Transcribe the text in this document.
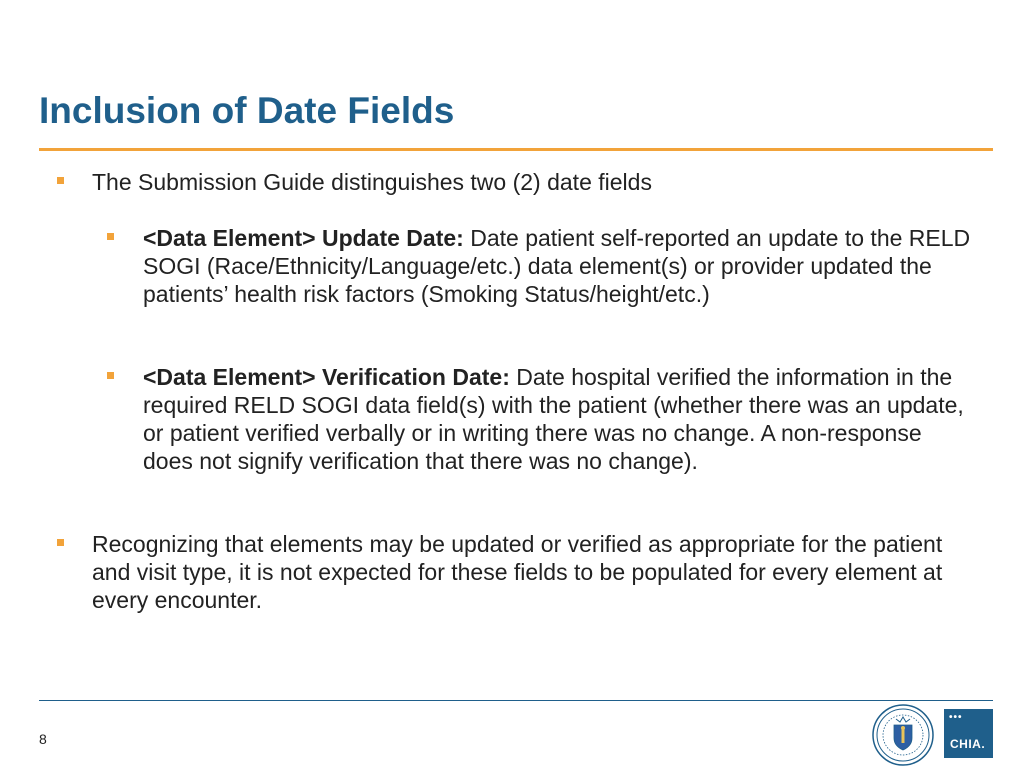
Inclusion of Date Fields
The Submission Guide distinguishes two (2) date fields
<Data Element> Update Date: Date patient self-reported an update to the RELD SOGI (Race/Ethnicity/Language/etc.) data element(s) or provider updated the patients’ health risk factors (Smoking Status/height/etc.)
<Data Element> Verification Date: Date hospital verified the information in the required RELD SOGI data field(s) with the patient (whether there was an update, or patient verified verbally or in writing there was no change. A non-response does not signify verification that there was no change).
Recognizing that elements may be updated or verified as appropriate for the patient and visit type, it is not expected for these fields to be populated for every element at every encounter.
8
•••
CHIA.
